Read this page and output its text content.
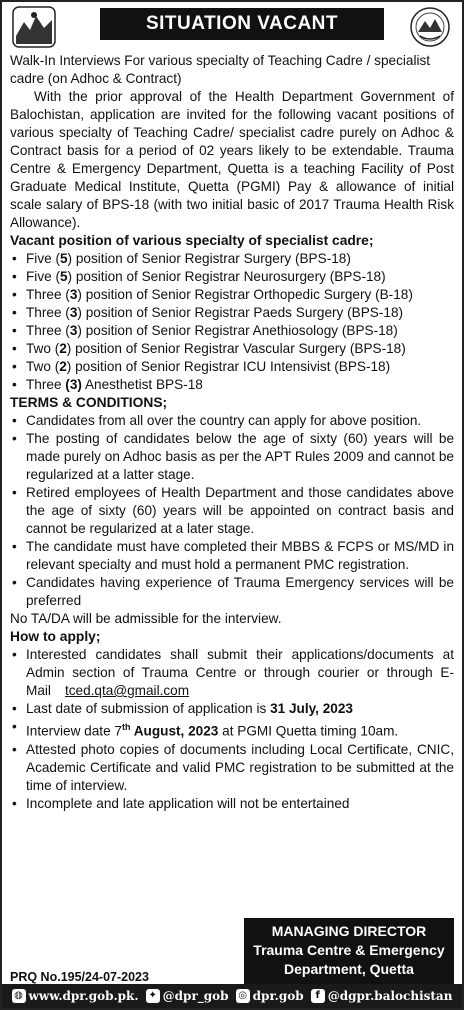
SITUATION VACANT

Walk-In Interviews For various specialty of Teaching Cadre / specialist cadre (on Adhoc & Contract)

With the prior approval of the Health Department Government of Balochistan, application are invited for the following vacant positions of various specialty of Teaching Cadre/ specialist cadre purely on Adhoc & Contract basis for a period of 02 years likely to be extendable. Trauma Centre & Emergency Department, Quetta is a teaching Facility of Post Graduate Medical Institute, Quetta (PGMI) Pay & allowance of initial scale salary of BPS-18 (with two initial basic of 2017 Trauma Health Risk Allowance).

Vacant position of various specialty of specialist cadre;

• Five (5) position of Senior Registrar Surgery (BPS-18)
• Five (5) position of Senior Registrar Neurosurgery (BPS-18)
• Three (3) position of Senior Registrar Orthopedic Surgery (B-18)
• Three (3) position of Senior Registrar Paeds Surgery (BPS-18)
• Three (3) position of Senior Registrar Anethiosology (BPS-18)
• Two (2) position of Senior Registrar Vascular Surgery (BPS-18)
• Two (2) position of Senior Registrar ICU Intensivist (BPS-18)
• Three (3) Anesthetist BPS-18

TERMS & CONDITIONS;

• Candidates from all over the country can apply for above position.
• The posting of candidates below the age of sixty (60) years will be made purely on Adhoc basis as per the APT Rules 2009 and cannot be regularized at a latter stage.
• Retired employees of Health Department and those candidates above the age of sixty (60) years will be appointed on contract basis and cannot be regularized at a later stage.
• The candidate must have completed their MBBS & FCPS or MS/MD in relevant specialty and must hold a permanent PMC registration.
• Candidates having experience of Trauma Emergency services will be preferred

No TA/DA will be admissible for the interview.

How to apply;

• Interested candidates shall submit their applications/documents at Admin section of Trauma Centre or through courier or through E-Mail tced.qta@gmail.com
• Last date of submission of application is 31 July, 2023
• Interview date 7th August, 2023 at PGMI Quetta timing 10am.
• Attested photo copies of documents including Local Certificate, CNIC, Academic Certificate and valid PMC registration to be submitted at the time of interview.
• Incomplete and late application will not be entertained
MANAGING DIRECTOR
Trauma Centre & Emergency
Department, Quetta
PRQ No.195/24-07-2023
◍ www.dpr.gob.pk. ✦ @dpr_gob ◎ dpr.gob	f @dgpr.balochistan
